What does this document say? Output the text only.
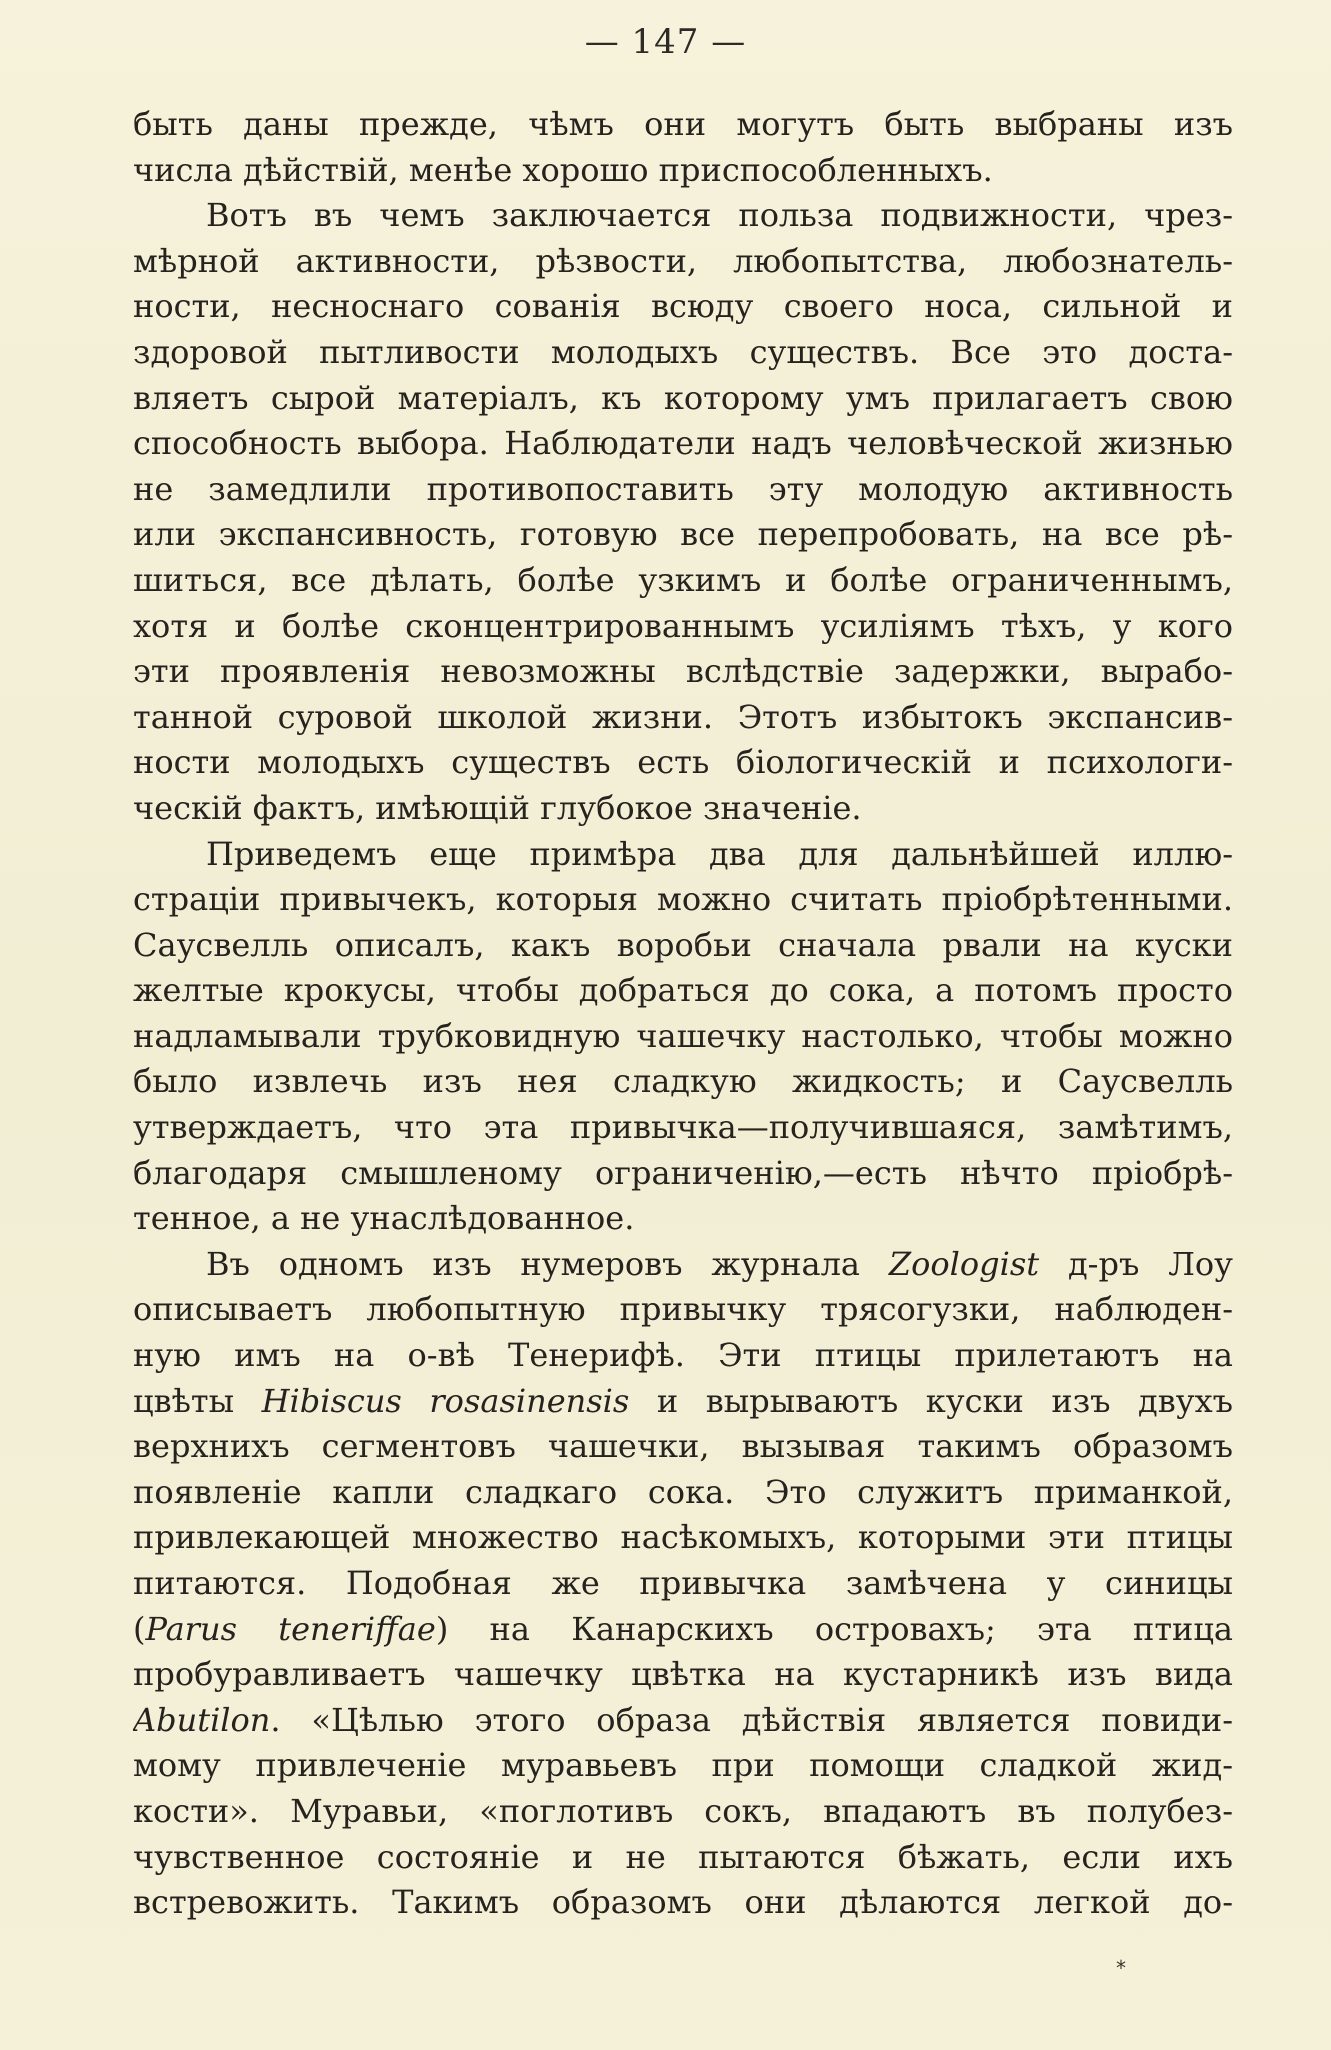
— 147 —
быть даны прежде, чѣмъ они могутъ быть выбраны изъ
числа дѣйствій, менѣе хорошо приспособленныхъ.
Вотъ въ чемъ заключается польза подвижности, чрез-
мѣрной активности, рѣзвости, любопытства, любознатель-
ности, несноснаго сованія всюду своего носа, сильной и
здоровой пытливости молодыхъ существъ. Все это доста-
вляетъ сырой матеріалъ, къ которому умъ прилагаетъ свою
способность выбора. Наблюдатели надъ человѣческой жизнью
не замедлили противопоставить эту молодую активность
или экспансивность, готовую все перепробовать, на все рѣ-
шиться, все дѣлать, болѣе узкимъ и болѣе ограниченнымъ,
хотя и болѣе сконцентрированнымъ усиліямъ тѣхъ, у кого
эти проявленія невозможны вслѣдствіе задержки, вырабо-
танной суровой школой жизни. Этотъ избытокъ экспансив-
ности молодыхъ существъ есть біологическій и психологи-
ческій фактъ, имѣющій глубокое значеніе.
Приведемъ еще примѣра два для дальнѣйшей иллю-
страціи привычекъ, которыя можно считать пріобрѣтенными.
Саусвелль описалъ, какъ воробьи сначала рвали на куски
желтые крокусы, чтобы добраться до сока, а потомъ просто
надламывали трубковидную чашечку настолько, чтобы можно
было извлечь изъ нея сладкую жидкость; и Саусвелль
утверждаетъ, что эта привычка—получившаяся, замѣтимъ,
благодаря смышленому ограниченію,—есть нѣчто пріобрѣ-
тенное, а не унаслѣдованное.
Въ одномъ изъ нумеровъ журнала Zoologist д-ръ Лоу
описываетъ любопытную привычку трясогузки, наблюден-
ную имъ на о-вѣ Тенерифѣ. Эти птицы прилетаютъ на
цвѣты Hibiscus rosasinensis и вырываютъ куски изъ двухъ
верхнихъ сегментовъ чашечки, вызывая такимъ образомъ
появленіе капли сладкаго сока. Это служитъ приманкой,
привлекающей множество насѣкомыхъ, которыми эти птицы
питаются. Подобная же привычка замѣчена у синицы
(Parus teneriffae) на Канарскихъ островахъ; эта птица
пробуравливаетъ чашечку цвѣтка на кустарникѣ изъ вида
Abutilon. «Цѣлью этого образа дѣйствія является повиди-
мому привлеченіе муравьевъ при помощи сладкой жид-
кости». Муравьи, «поглотивъ сокъ, впадаютъ въ полубез-
чувственное состояніе и не пытаются бѣжать, если ихъ
встревожить. Такимъ образомъ они дѣлаются легкой до-
*
